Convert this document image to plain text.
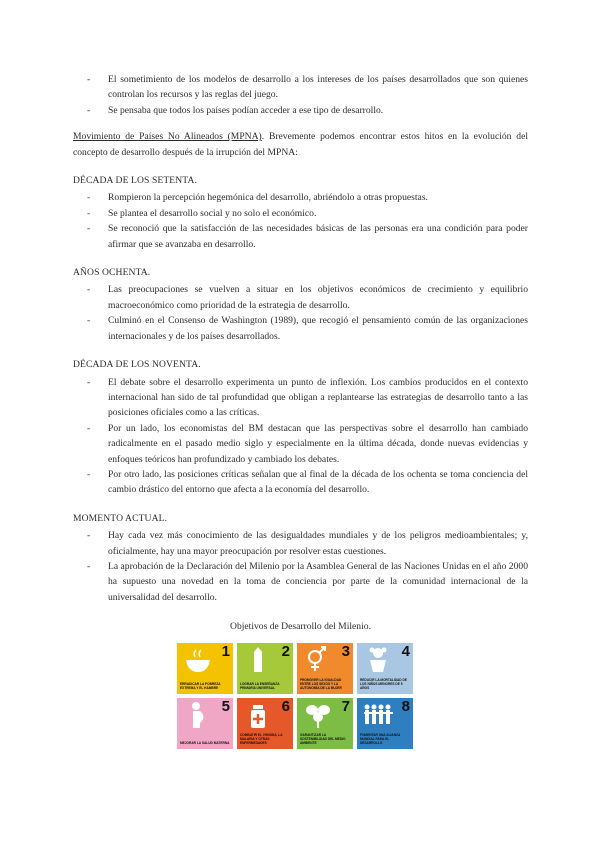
- El sometimiento de los modelos de desarrollo a los intereses de los países desarrollados que son quienes controlan los recursos y las reglas del juego.
- Se pensaba que todos los países podían acceder a ese tipo de desarrollo.

Movimiento de Países No Alineados (MPNA). Brevemente podemos encontrar estos hitos en la evolución del concepto de desarrollo después de la irrupción del MPNA:

DÉCADA DE LOS SETENTA.
- Rompieron la percepción hegemónica del desarrollo, abriéndolo a otras propuestas.
- Se plantea el desarrollo social y no solo el económico.
- Se reconoció que la satisfacción de las necesidades básicas de las personas era una condición para poder afirmar que se avanzaba en desarrollo.
AÑOS OCHENTA.
- Las preocupaciones se vuelven a situar en los objetivos económicos de crecimiento y equilibrio macroeconómico como prioridad de la estrategia de desarrollo.
- Culminó en el Consenso de Washington (1989), que recogió el pensamiento común de las organizaciones internacionales y de los países desarrollados.
DÉCADA DE LOS NOVENTA.
- El debate sobre el desarrollo experimenta un punto de inflexión. Los cambios producidos en el contexto internacional han sido de tal profundidad que obligan a replantearse las estrategias de desarrollo tanto a las posiciones oficiales como a las críticas.
- Por un lado, los economistas del BM destacan que las perspectivas sobre el desarrollo han cambiado radicalmente en el pasado medio siglo y especialmente en la última década, donde nuevas evidencias y enfoques teóricos han profundizado y cambiado los debates.
- Por otro lado, las posiciones críticas señalan que al final de la década de los ochenta se toma conciencia del cambio drástico del entorno que afecta a la economía del desarrollo.
MOMENTO ACTUAL.
- Hay cada vez más conocimiento de las desigualdades mundiales y de los peligros medioambientales; y, oficialmente, hay una mayor preocupación por resolver estas cuestiones.
- La aprobación de la Declaración del Milenio por la Asamblea General de las Naciones Unidas en el año 2000 ha supuesto una novedad en la toma de conciencia por parte de la comunidad internacional de la universalidad del desarrollo.
Objetivos de Desarrollo del Milenio.
1
ERRADICAR LA POBREZA EXTREMA Y EL HAMBRE
2
LOGRAR LA ENSEÑANZA PRIMARIA UNIVERSAL
3
PROMOVER LA IGUALDAD ENTRE LOS SEXOS Y LA AUTONOMÍA DE LA MUJER
4
REDUCIR LA MORTALIDAD DE LOS NIÑOS MENORES DE 5 AÑOS
5
MEJORAR LA SALUD MATERNA
6
COMBATIR EL VIH/SIDA, LA MALARIA Y OTRAS ENFERMEDADES
7
GARANTIZAR LA SOSTENIBILIDAD DEL MEDIO AMBIENTE
8
FOMENTAR UNA ALIANZA MUNDIAL PARA EL DESARROLLO
